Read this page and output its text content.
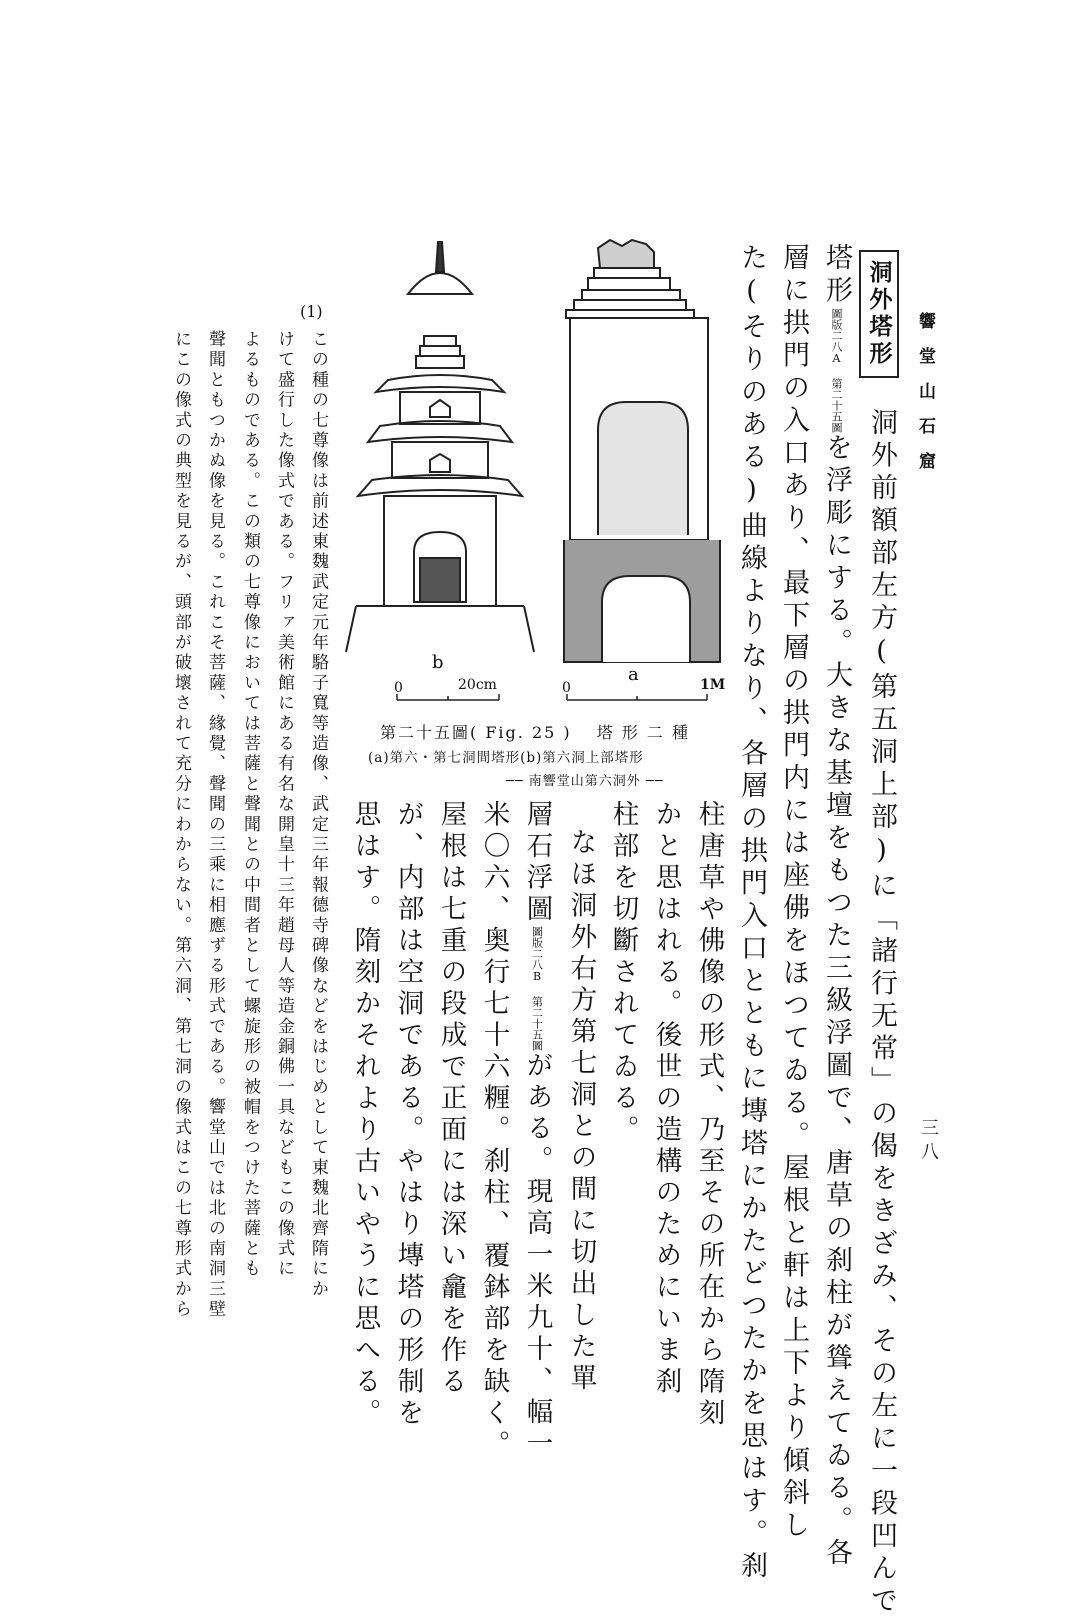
響堂山石窟
三八
洞外塔形
洞外前額部左方(第五洞上部)に「諸行无常」の偈をきざみ、その左に一段凹んで
塔形圖版二八A 第二十五圖を浮彫にする。大きな基壇をもつた三級浮圖で、唐草の刹柱が聳えてゐる。各
層に拱門の入口あり、最下層の拱門内には座佛をほつてゐる。屋根と軒は上下より傾斜し
た(そりのある)曲線よりなり、各層の拱門入口とともに塼塔にかたどつたかを思はす。刹
柱唐草や佛像の形式、乃至その所在から隋刻
かと思はれる。後世の造構のためにいま刹
柱部を切斷されてゐる。
なほ洞外右方第七洞との間に切出した單
層石浮圖圖版二八B 第二十五圖がある。現高一米九十、幅一
米〇六、奥行七十六糎。刹柱、覆鉢部を缺く。
屋根は七重の段成で正面には深い龕を作る
が、内部は空洞である。やはり塼塔の形制を
思はす。隋刻かそれより古いやうに思へる。
a
b
0	1M
0	20cm
第二十五圖( Fig. 25 )　 塔 形 二 種
(a)第六・第七洞間塔形(b)第六洞上部塔形
── 南響堂山第六洞外 ──
(1)
この種の七尊像は前述東魏武定元年駱子寬等造像、武定三年報德寺碑像などをはじめとして東魏北齊隋にか
けて盛行した像式である。フリァ美術館にある有名な開皇十三年趙母人等造金銅佛一具などもこの像式に
よるものである。この類の七尊像においては菩薩と聲聞との中間者として螺旋形の被帽をつけた菩薩とも
聲聞ともつかぬ像を見る。これこそ菩薩、緣覺、聲聞の三乘に相應ずる形式である。響堂山では北の南洞三壁
にこの像式の典型を見るが、頭部が破壞されて充分にわからない。第六洞、第七洞の像式はこの七尊形式から
